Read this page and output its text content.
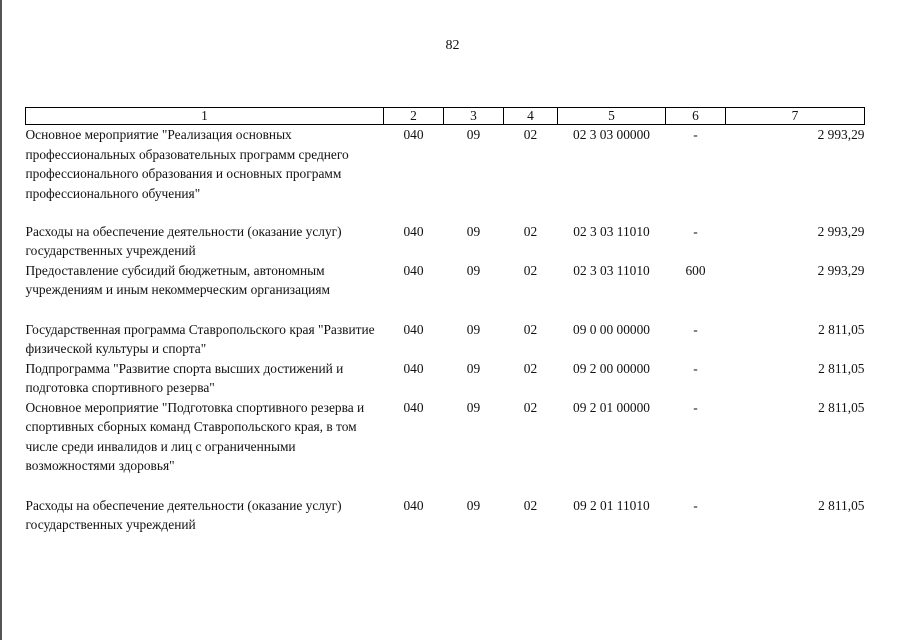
82
1	2	3	4	5	6	7
Основное мероприятие "Реализация основных профессиональных образовательных программ среднего профессионального образования и основных программ профессионального обучения"	040	09	02	02 3 03 00000	-	2 993,29
Расходы на обеспечение деятельности (оказание услуг) государственных учреждений	040	09	02	02 3 03 11010	-	2 993,29
Предоставление субсидий бюджетным, автономным учреждениям и иным некоммерческим организациям	040	09	02	02 3 03 11010	600	2 993,29
Государственная программа Ставропольского края "Развитие физической культуры и спорта"	040	09	02	09 0 00 00000	-	2 811,05
Подпрограмма "Развитие спорта высших достижений и подготовка спортивного резерва"	040	09	02	09 2 00 00000	-	2 811,05
Основное мероприятие "Подготовка спортивного резерва и спортивных сборных команд Ставропольского края, в том числе среди инвалидов и лиц с ограниченными возможностями здоровья"	040	09	02	09 2 01 00000	-	2 811,05
Расходы на обеспечение деятельности (оказание услуг) государственных учреждений	040	09	02	09 2 01 11010	-	2 811,05
